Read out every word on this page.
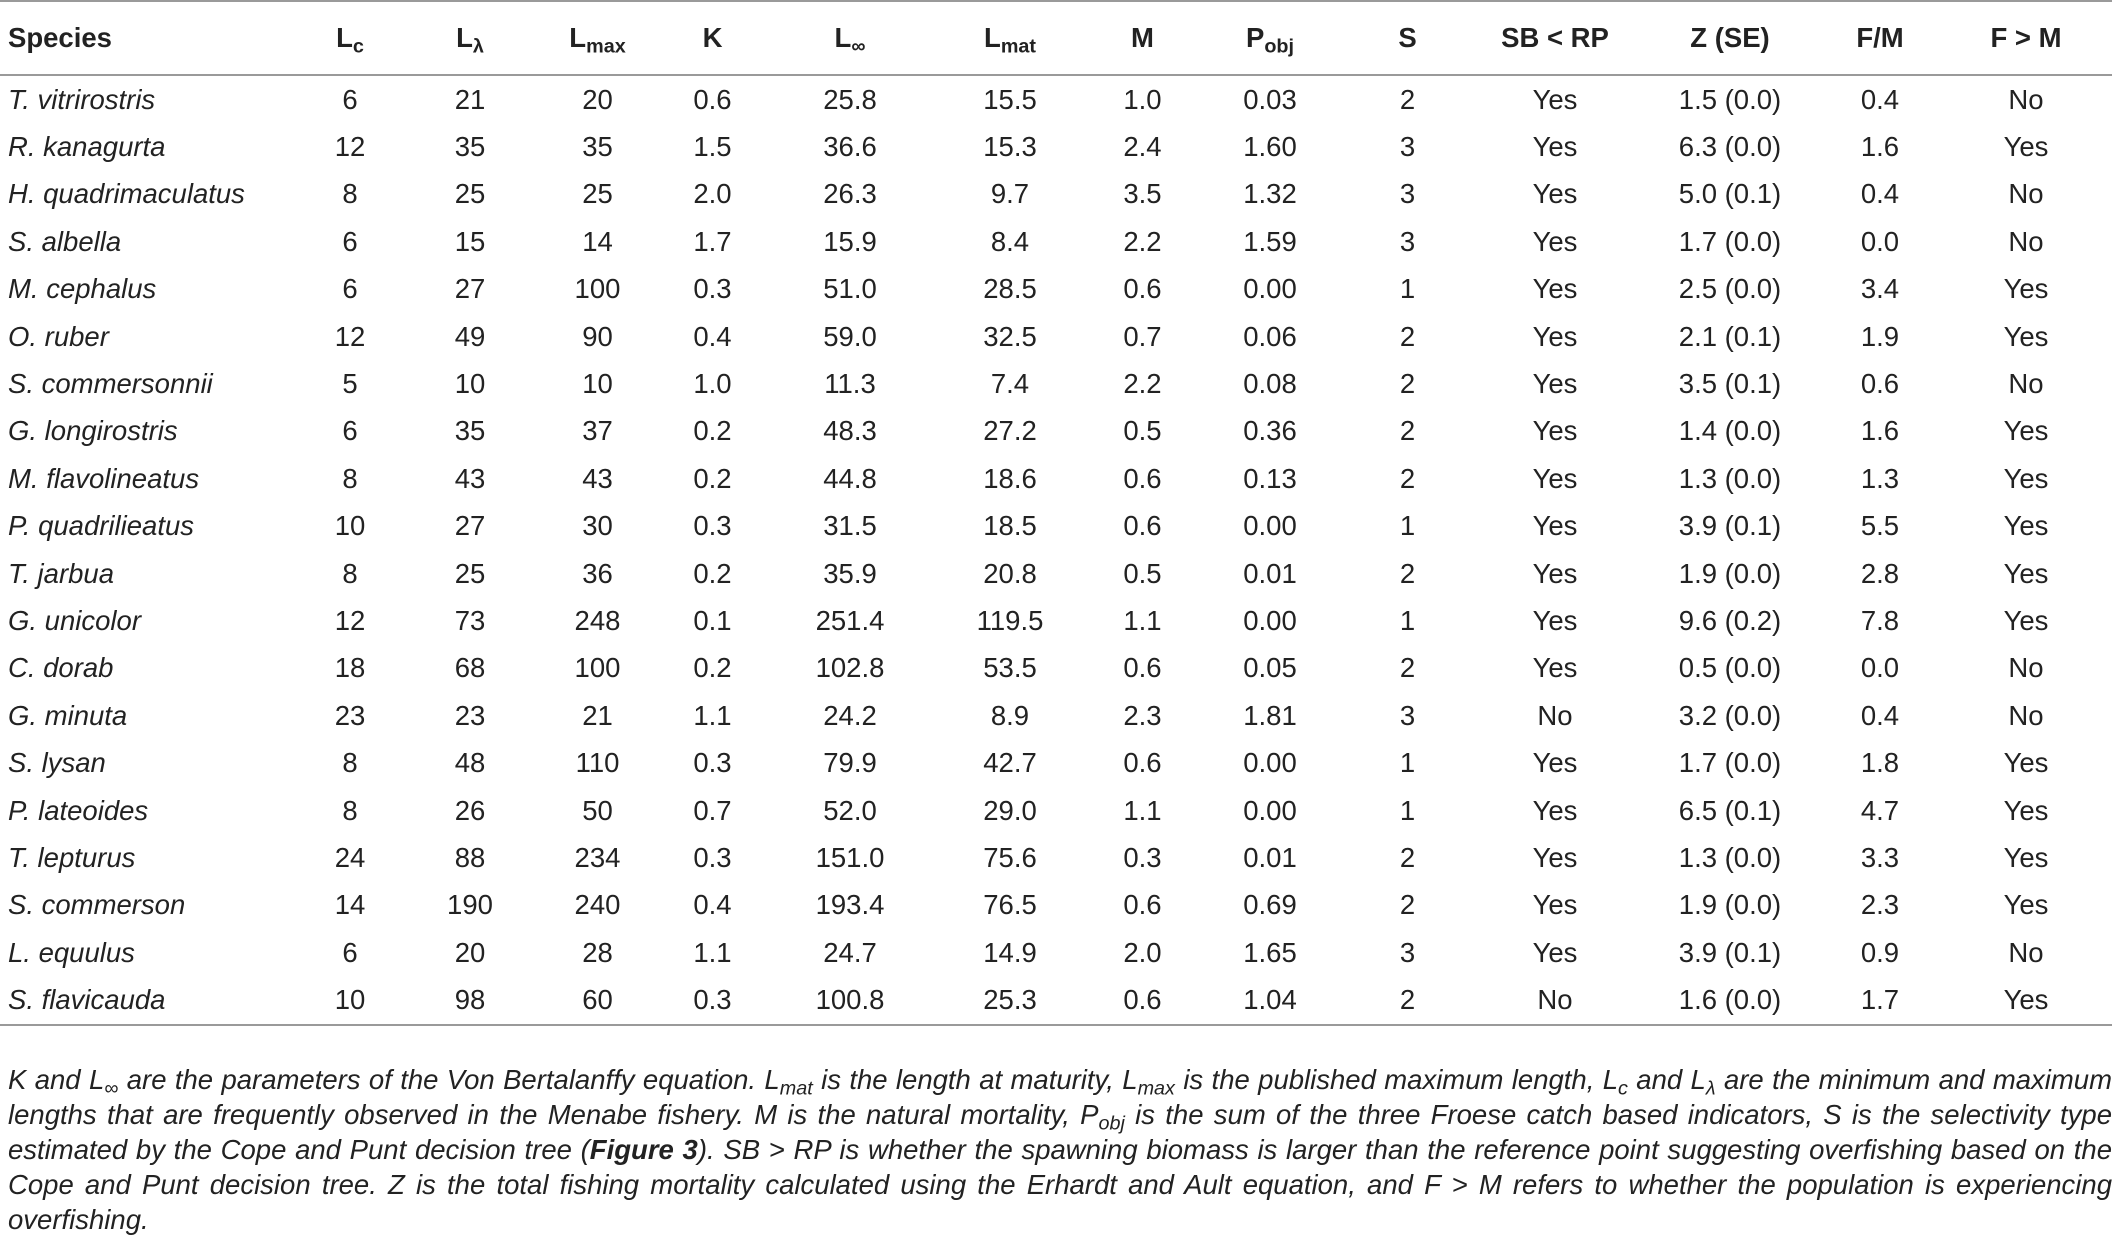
Species	$L_c$	$L_\lambda$	$L_{max}$	K	$L_\infty$	$L_{mat}$	M	$P_{obj}$	S	SB < RP	Z (SE)	F/M	F > M
T. vitrirostris	6	21	20	0.6	25.8	15.5	1.0	0.03	2	Yes	1.5 (0.0)	0.4	No
R. kanagurta	12	35	35	1.5	36.6	15.3	2.4	1.60	3	Yes	6.3 (0.0)	1.6	Yes
H. quadrimaculatus	8	25	25	2.0	26.3	9.7	3.5	1.32	3	Yes	5.0 (0.1)	0.4	No
S. albella	6	15	14	1.7	15.9	8.4	2.2	1.59	3	Yes	1.7 (0.0)	0.0	No
M. cephalus	6	27	100	0.3	51.0	28.5	0.6	0.00	1	Yes	2.5 (0.0)	3.4	Yes
O. ruber	12	49	90	0.4	59.0	32.5	0.7	0.06	2	Yes	2.1 (0.1)	1.9	Yes
S. commersonnii	5	10	10	1.0	11.3	7.4	2.2	0.08	2	Yes	3.5 (0.1)	0.6	No
G. longirostris	6	35	37	0.2	48.3	27.2	0.5	0.36	2	Yes	1.4 (0.0)	1.6	Yes
M. flavolineatus	8	43	43	0.2	44.8	18.6	0.6	0.13	2	Yes	1.3 (0.0)	1.3	Yes
P. quadrilieatus	10	27	30	0.3	31.5	18.5	0.6	0.00	1	Yes	3.9 (0.1)	5.5	Yes
T. jarbua	8	25	36	0.2	35.9	20.8	0.5	0.01	2	Yes	1.9 (0.0)	2.8	Yes
G. unicolor	12	73	248	0.1	251.4	119.5	1.1	0.00	1	Yes	9.6 (0.2)	7.8	Yes
C. dorab	18	68	100	0.2	102.8	53.5	0.6	0.05	2	Yes	0.5 (0.0)	0.0	No
G. minuta	23	23	21	1.1	24.2	8.9	2.3	1.81	3	No	3.2 (0.0)	0.4	No
S. lysan	8	48	110	0.3	79.9	42.7	0.6	0.00	1	Yes	1.7 (0.0)	1.8	Yes
P. lateoides	8	26	50	0.7	52.0	29.0	1.1	0.00	1	Yes	6.5 (0.1)	4.7	Yes
T. lepturus	24	88	234	0.3	151.0	75.6	0.3	0.01	2	Yes	1.3 (0.0)	3.3	Yes
S. commerson	14	190	240	0.4	193.4	76.5	0.6	0.69	2	Yes	1.9 (0.0)	2.3	Yes
L. equulus	6	20	28	1.1	24.7	14.9	2.0	1.65	3	Yes	3.9 (0.1)	0.9	No
S. flavicauda	10	98	60	0.3	100.8	25.3	0.6	1.04	2	No	1.6 (0.0)	1.7	Yes

K and $L_\infty$ are the parameters of the Von Bertalanffy equation. $L_{mat}$ is the length at maturity, $L_{max}$ is the published maximum length, $L_c$ and $L_\lambda$ are the minimum and maximum lengths that are frequently observed in the Menabe fishery. M is the natural mortality, $P_{obj}$ is the sum of the three Froese catch based indicators, S is the selectivity type estimated by the Cope and Punt decision tree (Figure 3). SB > RP is whether the spawning biomass is larger than the reference point suggesting overfishing based on the Cope and Punt decision tree. Z is the total fishing mortality calculated using the Erhardt and Ault equation, and F > M refers to whether the population is experiencing overfishing.
